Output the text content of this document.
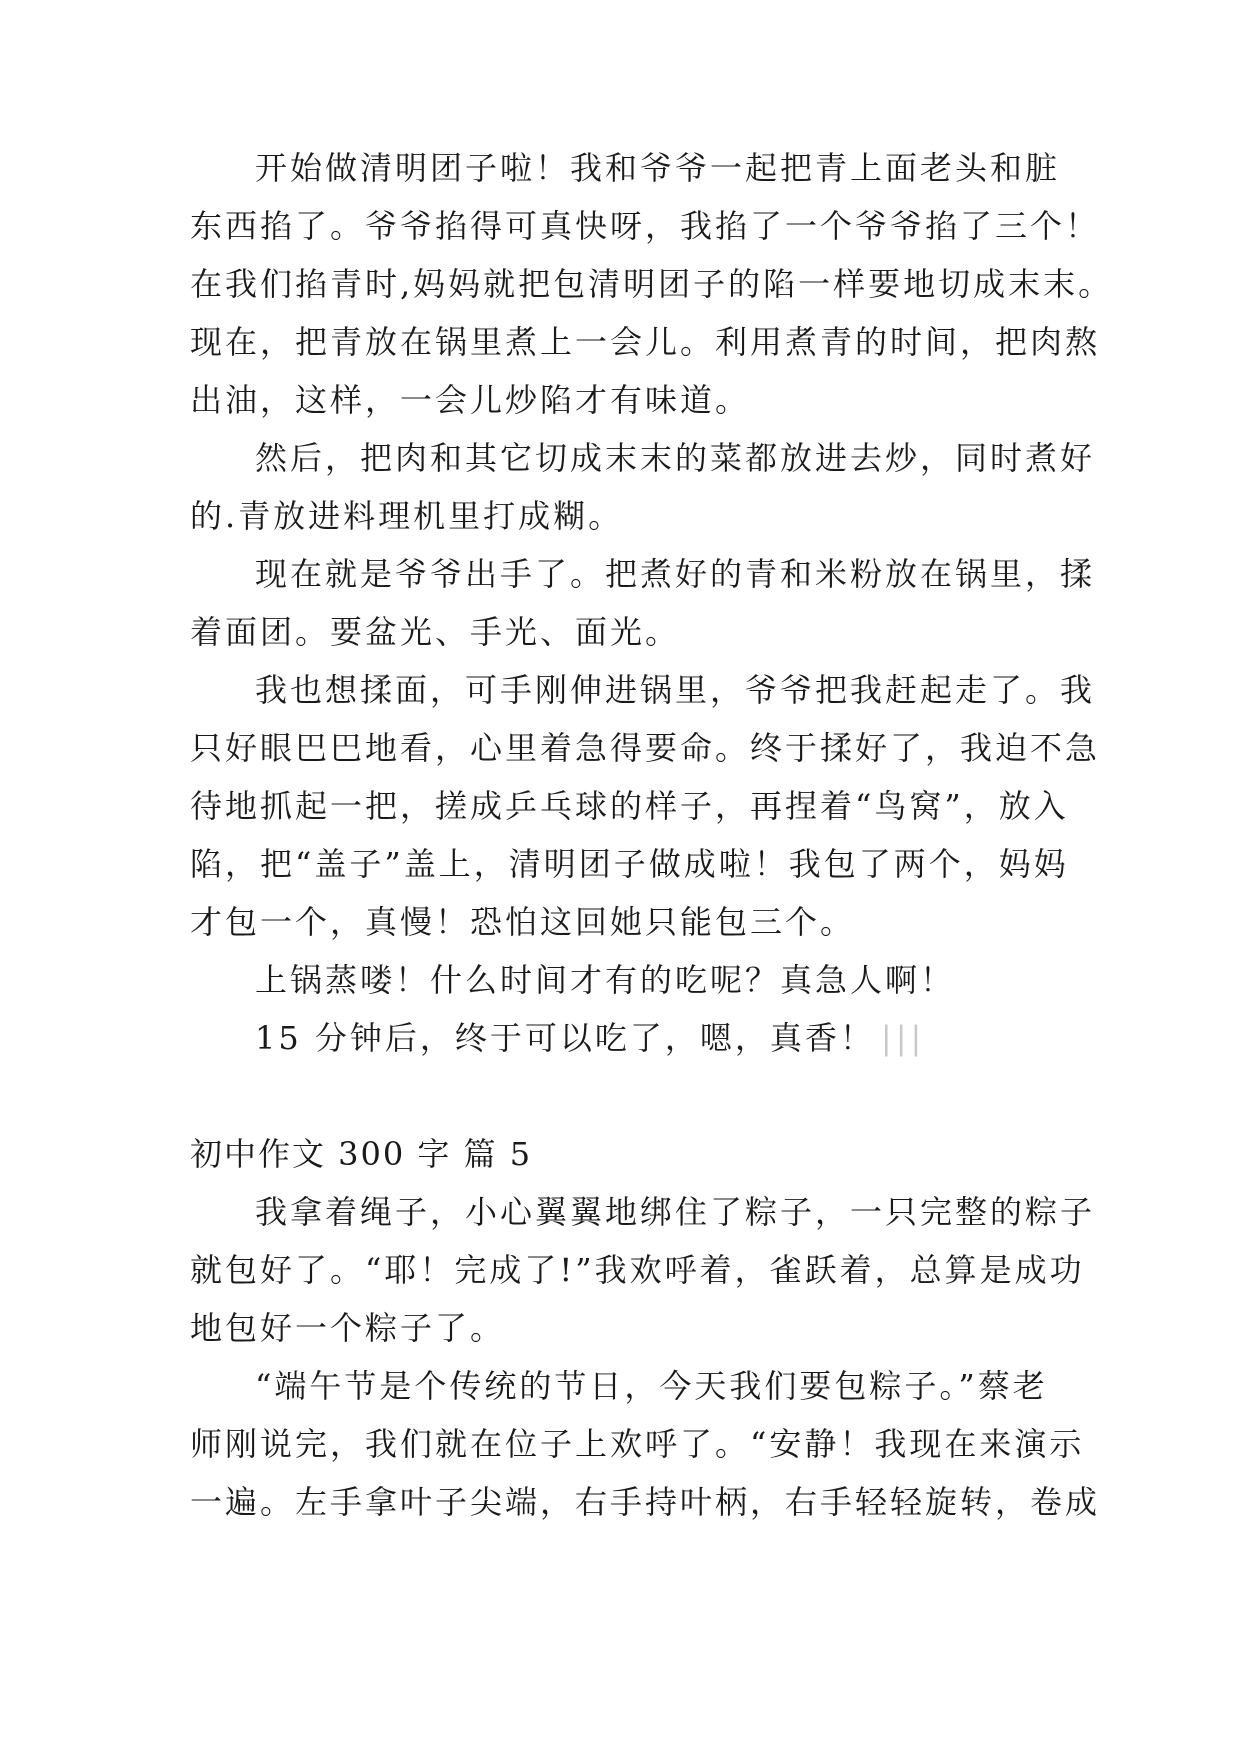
开始做清明团子啦！我和爷爷一起把青上面老头和脏
东西掐了。爷爷掐得可真快呀，我掐了一个爷爷掐了三个！
在我们掐青时,妈妈就把包清明团子的陷一样要地切成末末。
现在，把青放在锅里煮上一会儿。利用煮青的时间，把肉熬
出油，这样，一会儿炒陷才有味道。
然后，把肉和其它切成末末的菜都放进去炒，同时煮好
的.青放进料理机里打成糊。
现在就是爷爷出手了。把煮好的青和米粉放在锅里，揉
着面团。要盆光、手光、面光。
我也想揉面，可手刚伸进锅里，爷爷把我赶起走了。我
只好眼巴巴地看，心里着急得要命。终于揉好了，我迫不急
待地抓起一把，搓成乒乓球的样子，再捏着“鸟窝”，放入
陷，把“盖子”盖上，清明团子做成啦！我包了两个，妈妈
才包一个，真慢！恐怕这回她只能包三个。
上锅蒸喽！什么时间才有的吃呢？真急人啊！
15 分钟后，终于可以吃了，嗯，真香！ |||
初中作文 300 字 篇 5
我拿着绳子，小心翼翼地绑住了粽子，一只完整的粽子
就包好了。“耶！完成了!”我欢呼着，雀跃着，总算是成功
地包好一个粽子了。
“端午节是个传统的节日，今天我们要包粽子。”蔡老
师刚说完，我们就在位子上欢呼了。“安静！我现在来演示
一遍。左手拿叶子尖端，右手持叶柄，右手轻轻旋转，卷成
